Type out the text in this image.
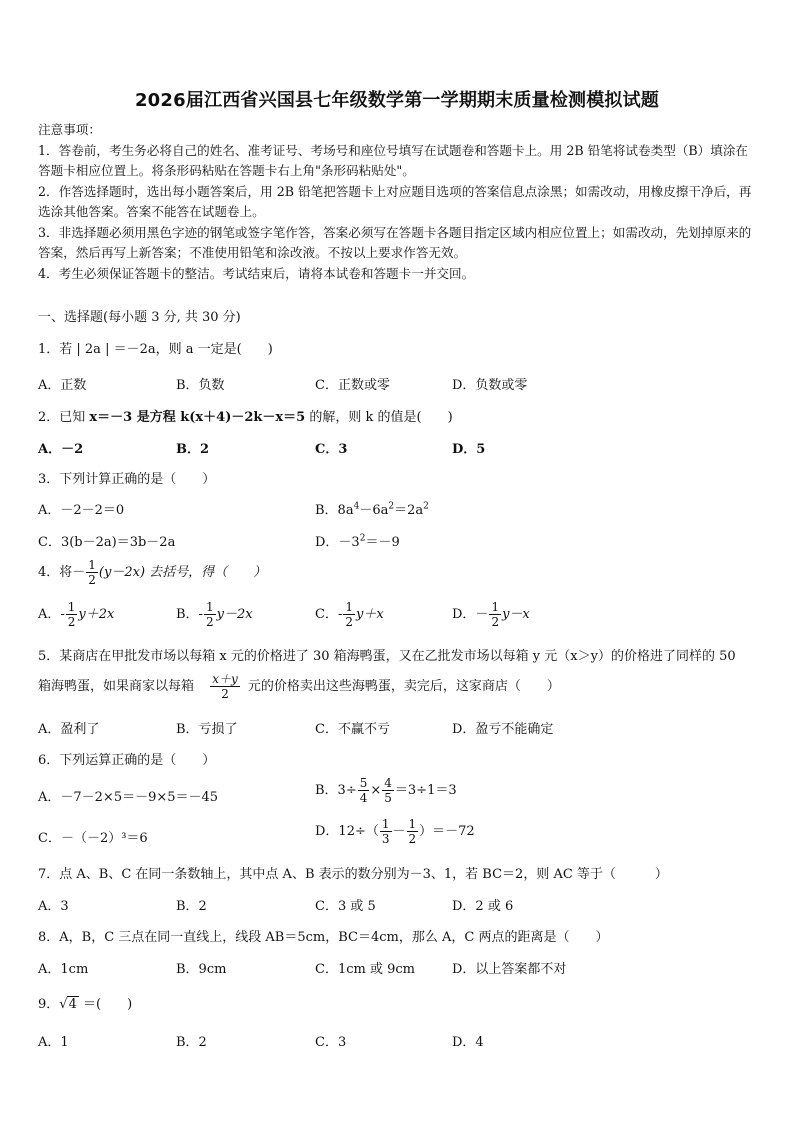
2026届江西省兴国县七年级数学第一学期期末质量检测模拟试题

注意事项：

1．答卷前，考生务必将自己的姓名、准考证号、考场号和座位号填写在试题卷和答题卡上。用 2B 铅笔将试卷类型（B）填涂在答题卡相应位置上。将条形码粘贴在答题卡右上角"条形码粘贴处"。

2．作答选择题时，选出每小题答案后，用 2B 铅笔把答题卡上对应题目选项的答案信息点涂黑；如需改动，用橡皮擦干净后，再选涂其他答案。答案不能答在试题卷上。

3．非选择题必须用黑色字迹的钢笔或签字笔作答，答案必须写在答题卡各题目指定区域内相应位置上；如需改动，先划掉原来的答案，然后再写上新答案；不准使用铅笔和涂改液。不按以上要求作答无效。

4．考生必须保证答题卡的整洁。考试结束后，请将本试卷和答题卡一并交回。

一、选择题(每小题 3 分, 共 30 分)
1．若 | 2a | ＝－2a，则 a 一定是(　　)
A．正数	B．负数	C．正数或零	D．负数或零
2．已知 x＝－3 是方程 k(x＋4)－2k－x＝5 的解，则 k 的值是(　　)
A．－2	B．2	C．3	D．5
3．下列计算正确的是（　　）
A．－2－2＝0	B．$8a^4-6a^2=2a^2$
C．3(b－2a)＝3b－2a	D．$-3^2=-9$
4．将－ $\frac{1}{2} (y-2x)$ 去括号，得（　　）
A．- $\frac{1}{2} y+2x$	B．- $\frac{1}{2} y-2x$	C．- $\frac{1}{2} y+x$	D．－ $\frac{1}{2} y-x$
5．某商店在甲批发市场以每箱 x 元的价格进了 30 箱海鸭蛋，又在乙批发市场以每箱 y 元（x＞y）的价格进了同样的 50
箱海鸭蛋，如果商家以每箱 $\frac{x+y}{2}$ 元的价格卖出这些海鸭蛋，卖完后，这家商店（　　）
A．盈利了	B．亏损了	C．不赢不亏	D．盈亏不能确定
6．下列运算正确的是（　　）
A．－7－2×5＝－9×5＝－45	B．$3\div \frac{5}{4} \times \frac{4}{5} =3\div 1=3$
C．－（－2）³＝6	D．$12\div( \frac{1}{3} - \frac{1}{2} )=-72$
7．点 A、B、C 在同一条数轴上，其中点 A、B 表示的数分别为－3、1，若 BC＝2，则 AC 等于（　　　）
A．3	B．2	C．3 或 5	D．2 或 6
8．A，B，C 三点在同一直线上，线段 AB＝5cm，BC＝4cm，那么 A，C 两点的距离是（　　）
A．1cm	B．9cm	C．1cm 或 9cm	D．以上答案都不对
9．√4 ＝(　　)
A．1	B．2	C．3	D．4
